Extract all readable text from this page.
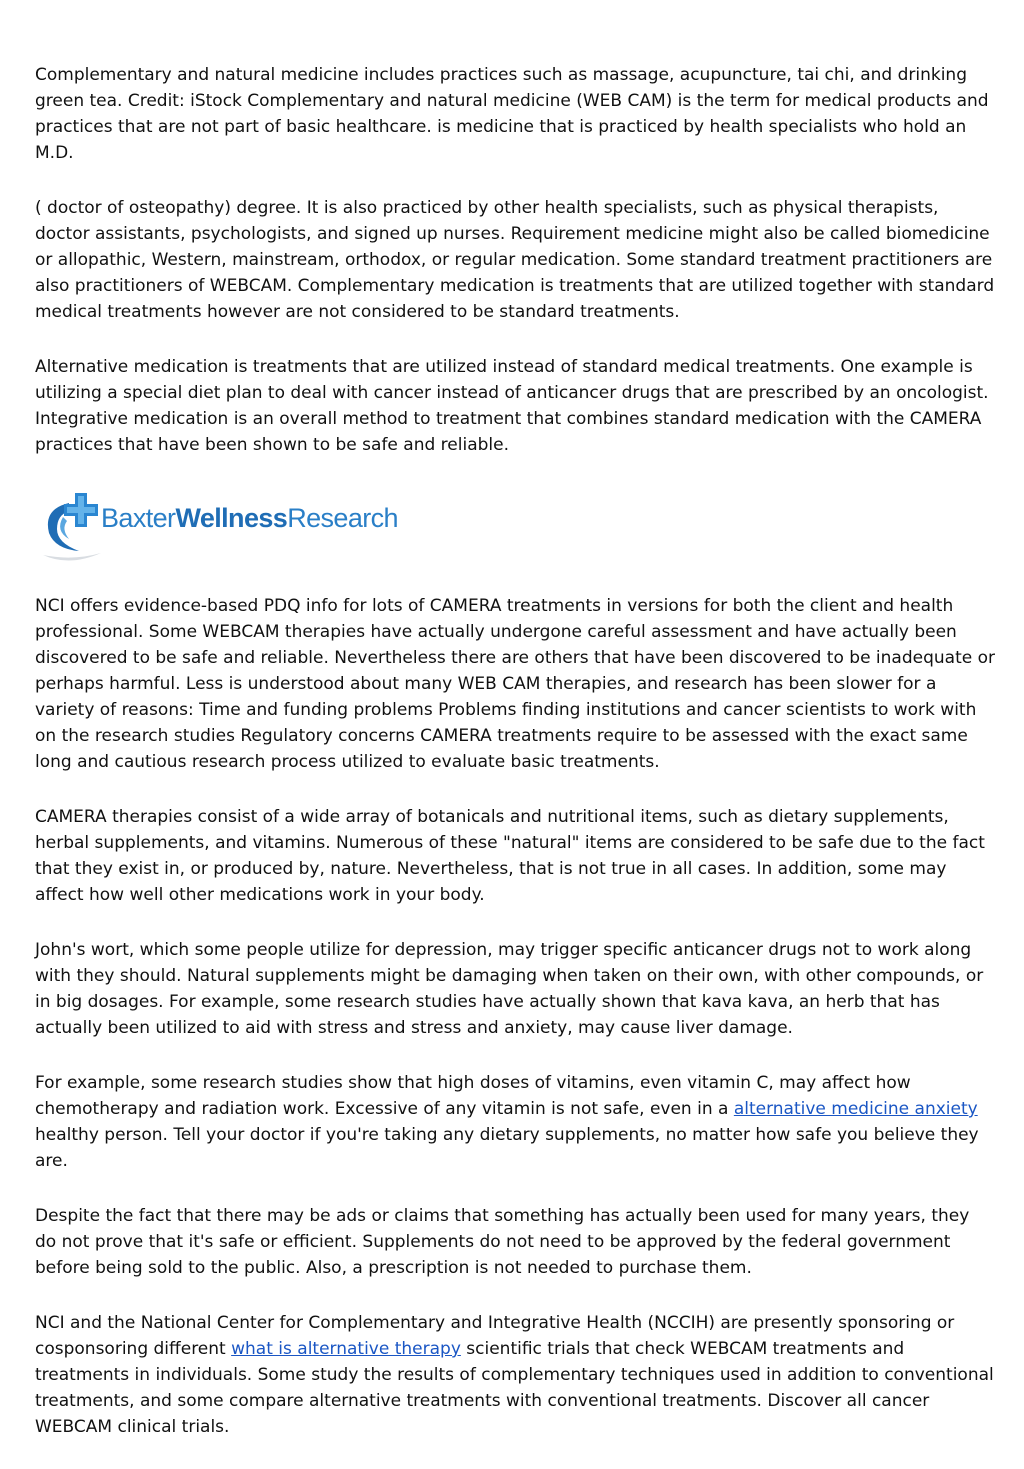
Complementary and natural medicine includes practices such as massage, acupuncture, tai chi, and drinking green tea. Credit: iStock Complementary and natural medicine (WEB CAM) is the term for medical products and practices that are not part of basic healthcare. is medicine that is practiced by health specialists who hold an M.D.

( doctor of osteopathy) degree. It is also practiced by other health specialists, such as physical therapists, doctor assistants, psychologists, and signed up nurses. Requirement medicine might also be called biomedicine or allopathic, Western, mainstream, orthodox, or regular medication. Some standard treatment practitioners are also practitioners of WEBCAM. Complementary medication is treatments that are utilized together with standard medical treatments however are not considered to be standard treatments.

Alternative medication is treatments that are utilized instead of standard medical treatments. One example is utilizing a special diet plan to deal with cancer instead of anticancer drugs that are prescribed by an oncologist. Integrative medication is an overall method to treatment that combines standard medication with the CAMERA practices that have been shown to be safe and reliable.

BaxterWellnessResearch

NCI offers evidence-based PDQ info for lots of CAMERA treatments in versions for both the client and health professional. Some WEBCAM therapies have actually undergone careful assessment and have actually been discovered to be safe and reliable. Nevertheless there are others that have been discovered to be inadequate or perhaps harmful. Less is understood about many WEB CAM therapies, and research has been slower for a variety of reasons: Time and funding problems Problems finding institutions and cancer scientists to work with on the research studies Regulatory concerns CAMERA treatments require to be assessed with the exact same long and cautious research process utilized to evaluate basic treatments.

CAMERA therapies consist of a wide array of botanicals and nutritional items, such as dietary supplements, herbal supplements, and vitamins. Numerous of these "natural" items are considered to be safe due to the fact that they exist in, or produced by, nature. Nevertheless, that is not true in all cases. In addition, some may affect how well other medications work in your body.

John's wort, which some people utilize for depression, may trigger specific anticancer drugs not to work along with they should. Natural supplements might be damaging when taken on their own, with other compounds, or in big dosages. For example, some research studies have actually shown that kava kava, an herb that has actually been utilized to aid with stress and stress and anxiety, may cause liver damage.

For example, some research studies show that high doses of vitamins, even vitamin C, may affect how chemotherapy and radiation work. Excessive of any vitamin is not safe, even in a alternative medicine anxiety healthy person. Tell your doctor if you're taking any dietary supplements, no matter how safe you believe they are.

Despite the fact that there may be ads or claims that something has actually been used for many years, they do not prove that it's safe or efficient. Supplements do not need to be approved by the federal government before being sold to the public. Also, a prescription is not needed to purchase them.

NCI and the National Center for Complementary and Integrative Health (NCCIH) are presently sponsoring or cosponsoring different what is alternative therapy scientific trials that check WEBCAM treatments and treatments in individuals. Some study the results of complementary techniques used in addition to conventional treatments, and some compare alternative treatments with conventional treatments. Discover all cancer WEBCAM clinical trials.
